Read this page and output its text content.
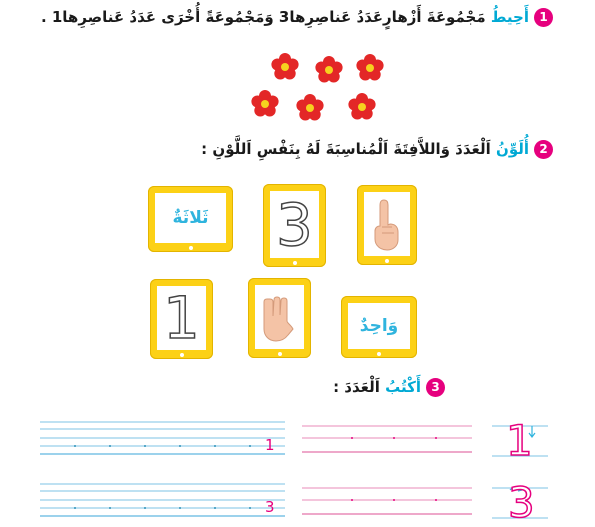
1أَحِيطُ مَجْمُوعَةَ أَزْهارٍعَدَدُ عَناصِرِها3 وَمَجْمُوعَةً أُخْرَى عَدَدُ عَناصِرِها1 .
2أُلَوِّنُ اَلْعَدَدَ وَاللاَّفِتَةَ اَلْمُناسِبَةَ لَهُ بِنَفْسِ اَللَّوْنِ :
ثَلاثَةٌ 3
وَاحِدٌ
1
3أَكْتُبُ اَلْعَدَدَ :
1	1
3	3
